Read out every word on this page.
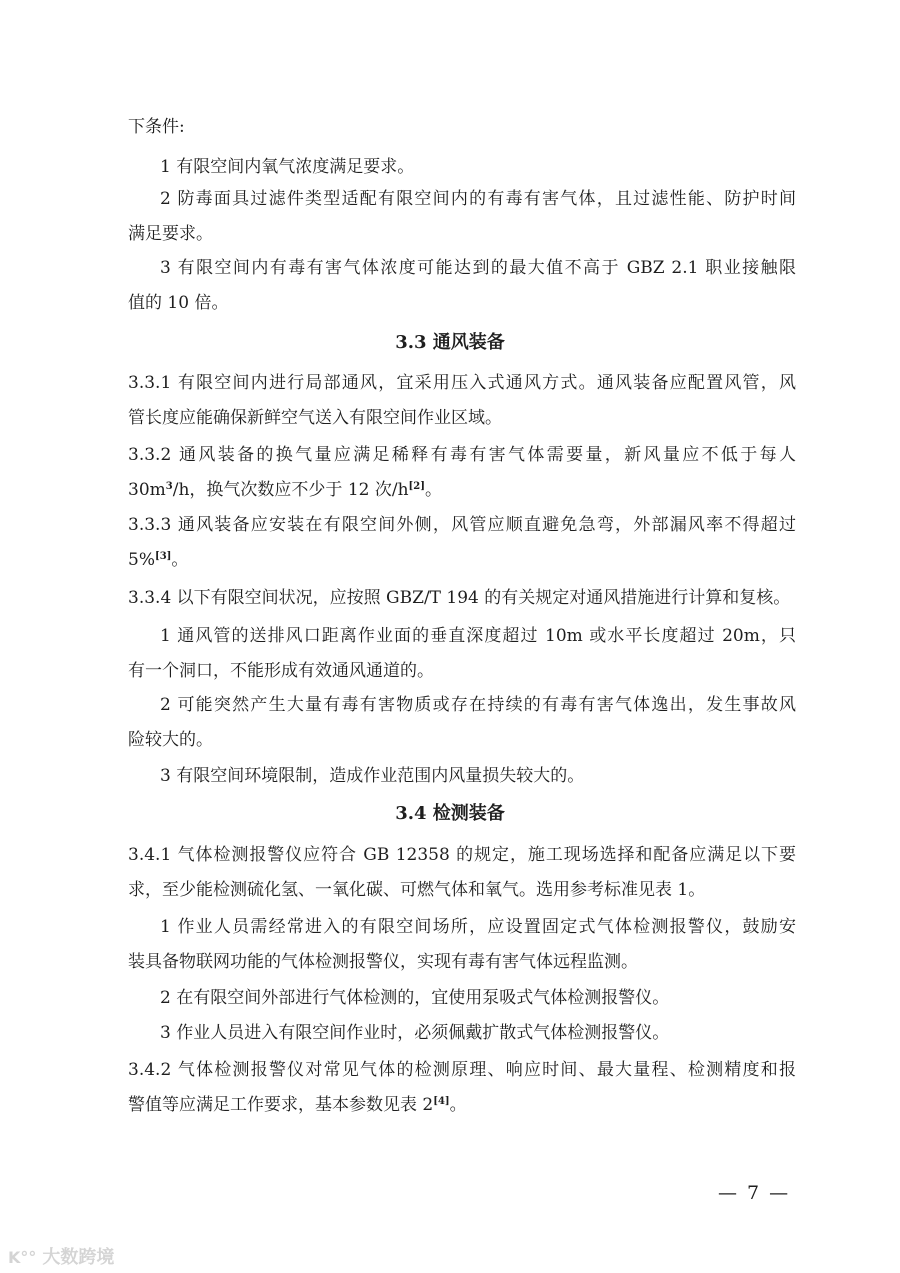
下条件:
1 有限空间内氧气浓度满足要求。
2 防毒面具过滤件类型适配有限空间内的有毒有害气体，且过滤性能、防护时间
满足要求。
3 有限空间内有毒有害气体浓度可能达到的最大值不高于 GBZ 2.1 职业接触限
值的 10 倍。
3.3 通风装备
3.3.1 有限空间内进行局部通风，宜采用压入式通风方式。通风装备应配置风管，风
管长度应能确保新鲜空气送入有限空间作业区域。
3.3.2 通风装备的换气量应满足稀释有毒有害气体需要量，新风量应不低于每人
$30m^3/h$，换气次数应不少于 12 次/h[2]。
3.3.3 通风装备应安装在有限空间外侧，风管应顺直避免急弯，外部漏风率不得超过
5%[3]。
3.3.4 以下有限空间状况，应按照 GBZ/T 194 的有关规定对通风措施进行计算和复核。
1 通风管的送排风口距离作业面的垂直深度超过 10m 或水平长度超过 20m，只
有一个洞口，不能形成有效通风通道的。
2 可能突然产生大量有毒有害物质或存在持续的有毒有害气体逸出，发生事故风
险较大的。
3 有限空间环境限制，造成作业范围内风量损失较大的。
3.4 检测装备
3.4.1 气体检测报警仪应符合 GB 12358 的规定，施工现场选择和配备应满足以下要
求，至少能检测硫化氢、一氧化碳、可燃气体和氧气。选用参考标准见表 1。
1 作业人员需经常进入的有限空间场所，应设置固定式气体检测报警仪，鼓励安
装具备物联网功能的气体检测报警仪，实现有毒有害气体远程监测。
2 在有限空间外部进行气体检测的，宜使用泵吸式气体检测报警仪。
3 作业人员进入有限空间作业时，必须佩戴扩散式气体检测报警仪。
3.4.2 气体检测报警仪对常见气体的检测原理、响应时间、最大量程、检测精度和报
警值等应满足工作要求，基本参数见表 2[4]。
— 7 —
K°° 大数跨境
